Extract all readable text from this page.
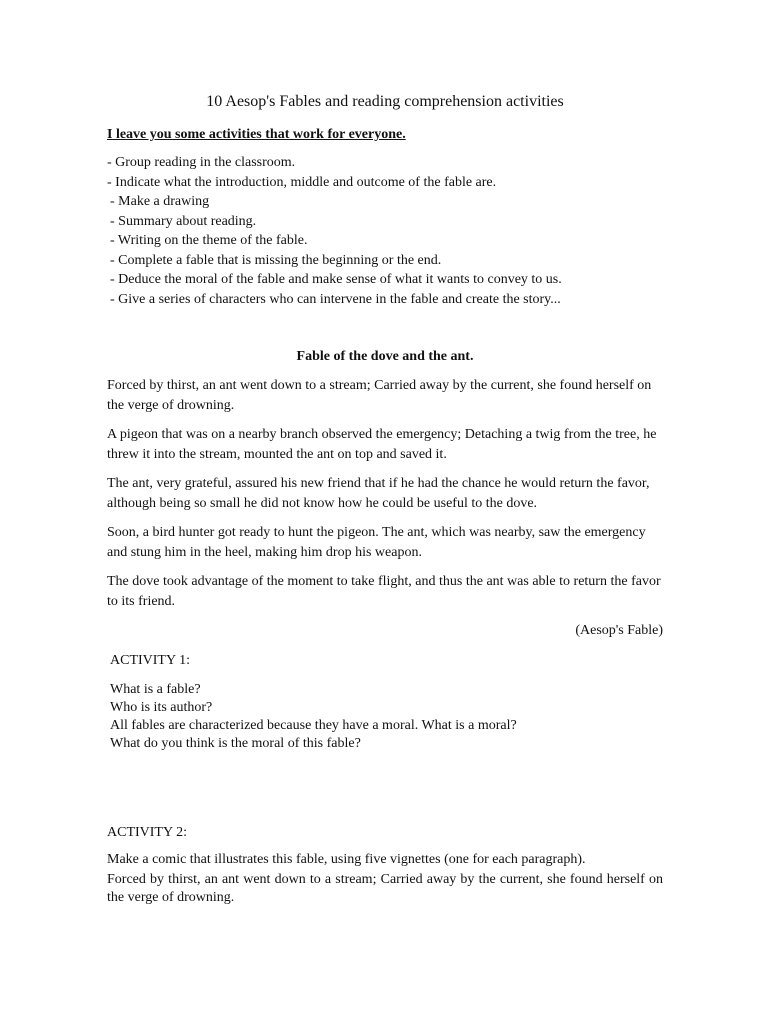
10 Aesop's Fables and reading comprehension activities
I leave you some activities that work for everyone.
- Group reading in the classroom.
- Indicate what the introduction, middle and outcome of the fable are.
- Make a drawing
- Summary about reading.
- Writing on the theme of the fable.
- Complete a fable that is missing the beginning or the end.
- Deduce the moral of the fable and make sense of what it wants to convey to us.
- Give a series of characters who can intervene in the fable and create the story...
Fable of the dove and the ant.

Forced by thirst, an ant went down to a stream; Carried away by the current, she found herself on the verge of drowning.

A pigeon that was on a nearby branch observed the emergency; Detaching a twig from the tree, he threw it into the stream, mounted the ant on top and saved it.

The ant, very grateful, assured his new friend that if he had the chance he would return the favor, although being so small he did not know how he could be useful to the dove.

Soon, a bird hunter got ready to hunt the pigeon. The ant, which was nearby, saw the emergency and stung him in the heel, making him drop his weapon.

The dove took advantage of the moment to take flight, and thus the ant was able to return the favor to its friend.

(Aesop's Fable)
ACTIVITY 1:
What is a fable?
Who is its author?
All fables are characterized because they have a moral. What is a moral?
What do you think is the moral of this fable?
ACTIVITY 2:

Make a comic that illustrates this fable, using five vignettes (one for each paragraph).

Forced by thirst, an ant went down to a stream; Carried away by the current, she found herself on the verge of drowning.
